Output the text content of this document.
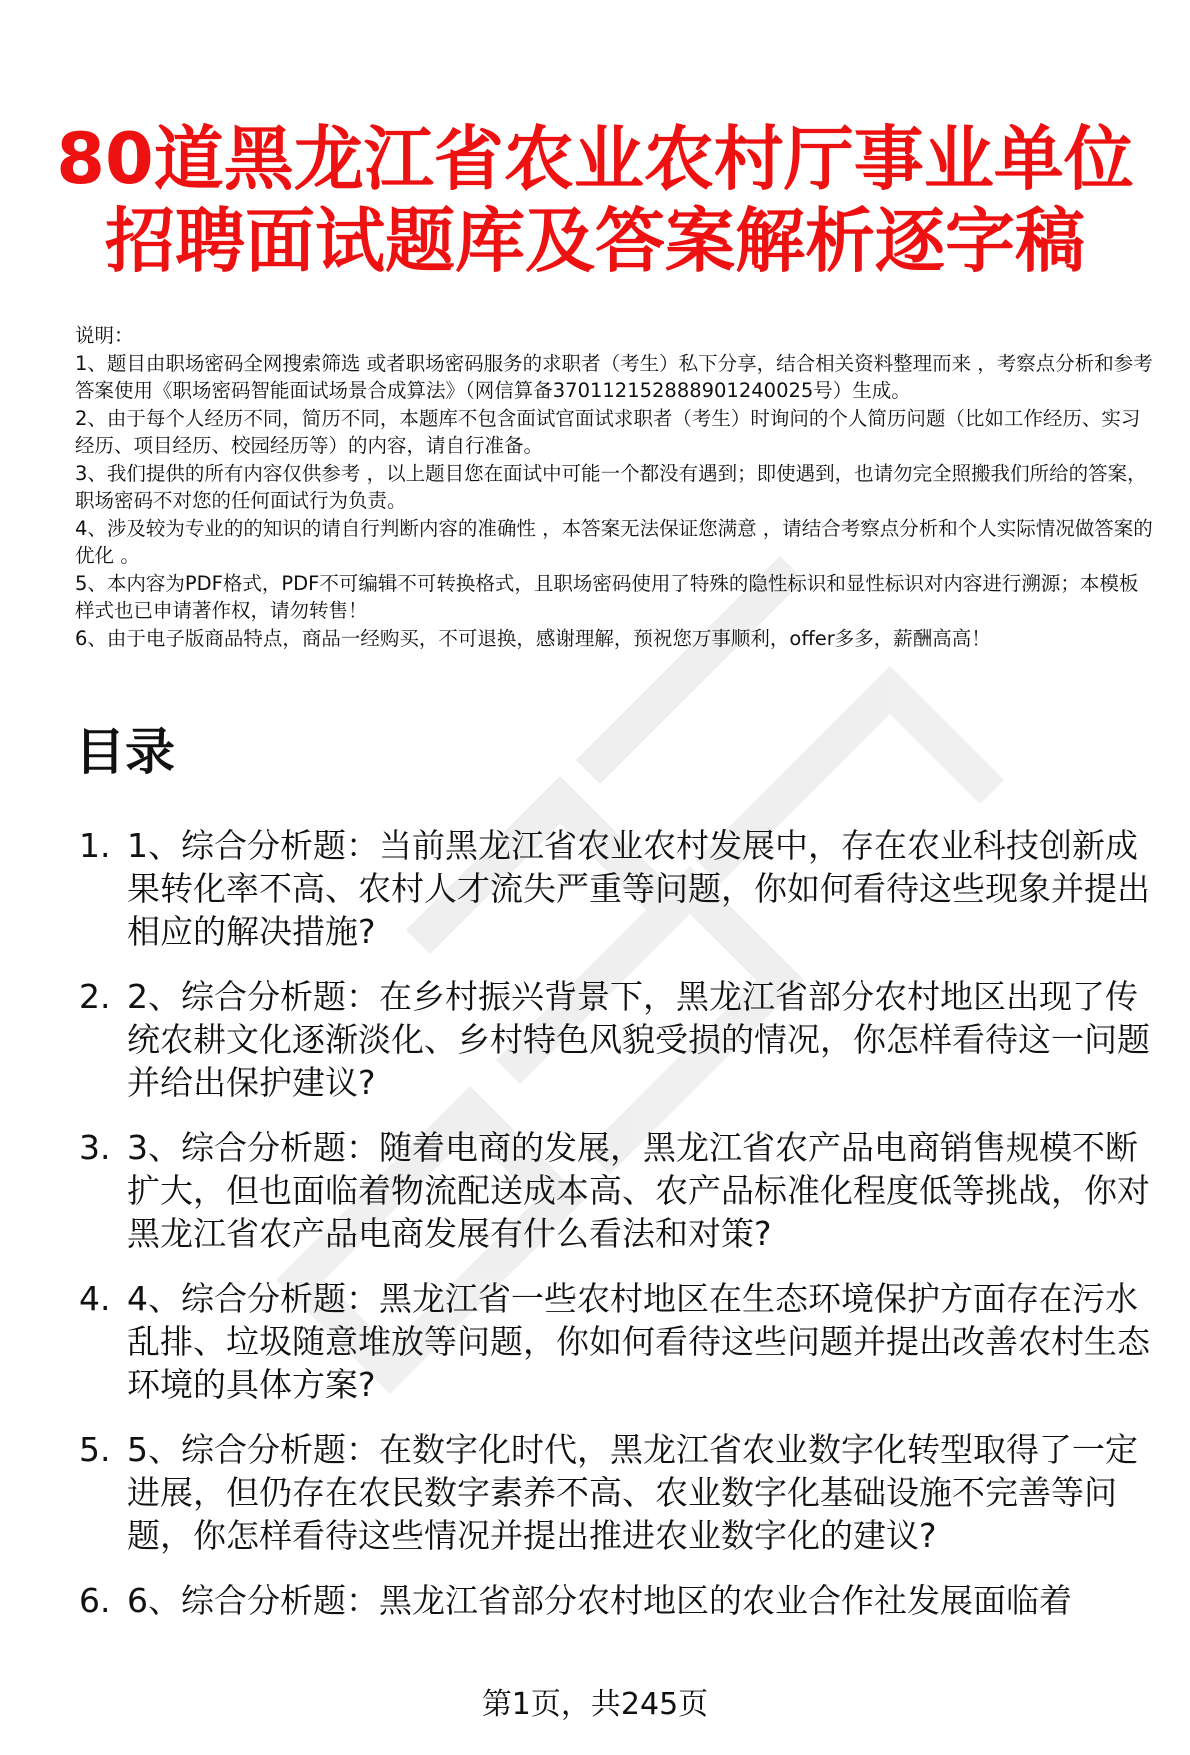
80道黑龙江省农业农村厅事业单位
招聘面试题库及答案解析逐字稿
说明：
1、题目由职场密码全网搜索筛选 或者职场密码服务的求职者（考生）私下分享，结合相关资料整理而来 ，考察点分析和参考答案使用《职场密码智能面试场景合成算法》（网信算备370112152888901240025号）生成。
2、由于每个人经历不同，简历不同，本题库不包含面试官面试求职者（考生）时询问的个人简历问题（比如工作经历、实习经历、项目经历、校园经历等）的内容，请自行准备。
3、我们提供的所有内容仅供参考 ，以上题目您在面试中可能一个都没有遇到；即使遇到，也请勿完全照搬我们所给的答案，职场密码不对您的任何面试行为负责。
4、涉及较为专业的的知识的请自行判断内容的准确性 ，本答案无法保证您满意 ，请结合考察点分析和个人实际情况做答案的优化 。
5、本内容为PDF格式，PDF不可编辑不可转换格式，且职场密码使用了特殊的隐性标识和显性标识对内容进行溯源；本模板样式也已申请著作权，请勿转售！
6、由于电子版商品特点，商品一经购买，不可退换，感谢理解，预祝您万事顺利，offer多多，薪酬高高！
目录
1. 1、综合分析题：当前黑龙江省农业农村发展中，存在农业科技创新成果转化率不高、农村人才流失严重等问题，你如何看待这些现象并提出相应的解决措施?
2. 2、综合分析题：在乡村振兴背景下，黑龙江省部分农村地区出现了传统农耕文化逐渐淡化、乡村特色风貌受损的情况，你怎样看待这一问题并给出保护建议?
3. 3、综合分析题：随着电商的发展，黑龙江省农产品电商销售规模不断扩大，但也面临着物流配送成本高、农产品标准化程度低等挑战，你对黑龙江省农产品电商发展有什么看法和对策?
4. 4、综合分析题：黑龙江省一些农村地区在生态环境保护方面存在污水乱排、垃圾随意堆放等问题，你如何看待这些问题并提出改善农村生态环境的具体方案?
5. 5、综合分析题：在数字化时代，黑龙江省农业数字化转型取得了一定进展，但仍存在农民数字素养不高、农业数字化基础设施不完善等问题，你怎样看待这些情况并提出推进农业数字化的建议?
6. 6、综合分析题：黑龙江省部分农村地区的农业合作社发展面临着
第1页，共245页
